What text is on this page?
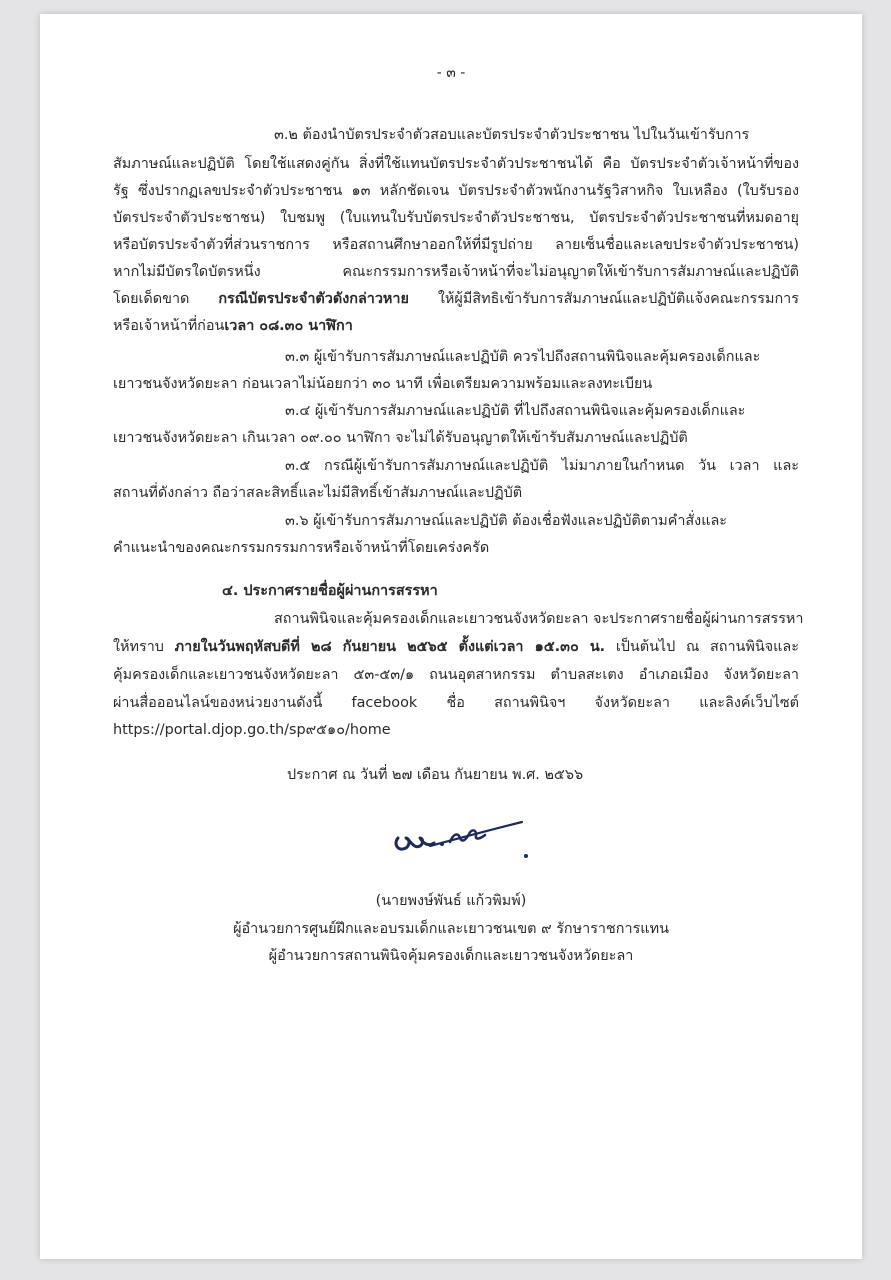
- ๓ -
๓.๒ ต้องนำบัตรประจำตัวสอบและบัตรประจำตัวประชาชน ไปในวันเข้ารับการ
สัมภาษณ์และปฏิบัติ โดยใช้แสดงคู่กัน สิ่งที่ใช้แทนบัตรประจำตัวประชาชนได้ คือ บัตรประจำตัวเจ้าหน้าที่ของ
รัฐ ซึ่งปรากฏเลขประจำตัวประชาชน ๑๓ หลักชัดเจน บัตรประจำตัวพนักงานรัฐวิสาหกิจ ใบเหลือง (ใบรับรอง
บัตรประจำตัวประชาชน) ใบชมพู (ใบแทนใบรับบัตรประจำตัวประชาชน, บัตรประจำตัวประชาชนที่หมดอายุ
หรือบัตรประจำตัวที่ส่วนราชการ หรือสถานศึกษาออกให้ที่มีรูปถ่าย ลายเซ็นชื่อและเลขประจำตัวประชาชน)
หากไม่มีบัตรใดบัตรหนึ่ง คณะกรรมการหรือเจ้าหน้าที่จะไม่อนุญาตให้เข้ารับการสัมภาษณ์และปฏิบัติ
โดยเด็ดขาด กรณีบัตรประจำตัวดังกล่าวหาย ให้ผู้มีสิทธิเข้ารับการสัมภาษณ์และปฏิบัติแจ้งคณะกรรมการ
หรือเจ้าหน้าที่ก่อนเวลา ๐๘.๓๐ นาฬิกา
๓.๓ ผู้เข้ารับการสัมภาษณ์และปฏิบัติ ควรไปถึงสถานพินิจและคุ้มครองเด็กและ
เยาวชนจังหวัดยะลา ก่อนเวลาไม่น้อยกว่า ๓๐ นาที เพื่อเตรียมความพร้อมและลงทะเบียน
๓.๔ ผู้เข้ารับการสัมภาษณ์และปฏิบัติ ที่ไปถึงสถานพินิจและคุ้มครองเด็กและ
เยาวชนจังหวัดยะลา เกินเวลา ๐๙.๐๐ นาฬิกา จะไม่ได้รับอนุญาตให้เข้ารับสัมภาษณ์และปฏิบัติ
๓.๕ กรณีผู้เข้ารับการสัมภาษณ์และปฏิบัติ ไม่มาภายในกำหนด วัน เวลา และ
สถานที่ดังกล่าว ถือว่าสละสิทธิ์และไม่มีสิทธิ์เข้าสัมภาษณ์และปฏิบัติ
๓.๖ ผู้เข้ารับการสัมภาษณ์และปฏิบัติ ต้องเชื่อฟังและปฏิบัติตามคำสั่งและ
คำแนะนำของคณะกรรมกรรมการหรือเจ้าหน้าที่โดยเคร่งครัด
๔. ประกาศรายชื่อผู้ผ่านการสรรหา
สถานพินิจและคุ้มครองเด็กและเยาวชนจังหวัดยะลา จะประกาศรายชื่อผู้ผ่านการสรรหา
ให้ทราบ ภายในวันพฤหัสบดีที่ ๒๘ กันยายน ๒๕๖๕ ตั้งแต่เวลา ๑๕.๓๐ น. เป็นต้นไป ณ สถานพินิจและ
คุ้มครองเด็กและเยาวชนจังหวัดยะลา ๕๓-๕๓/๑ ถนนอุตสาหกรรม ตำบลสะเตง อำเภอเมือง จังหวัดยะลา
ผ่านสื่อออนไลน์ของหน่วยงานดังนี้ facebook ชื่อ สถานพินิจฯ จังหวัดยะลา และลิงค์เว็บไซต์
https://portal.djop.go.th/sp๙๕๑๐/home
ประกาศ ณ วันที่ ๒๗ เดือน กันยายน พ.ศ. ๒๕๖๖
(นายพงษ์พันธ์ แก้วพิมพ์)
ผู้อำนวยการศูนย์ฝึกและอบรมเด็กและเยาวชนเขต ๙ รักษาราชการแทน
ผู้อำนวยการสถานพินิจคุ้มครองเด็กและเยาวชนจังหวัดยะลา
